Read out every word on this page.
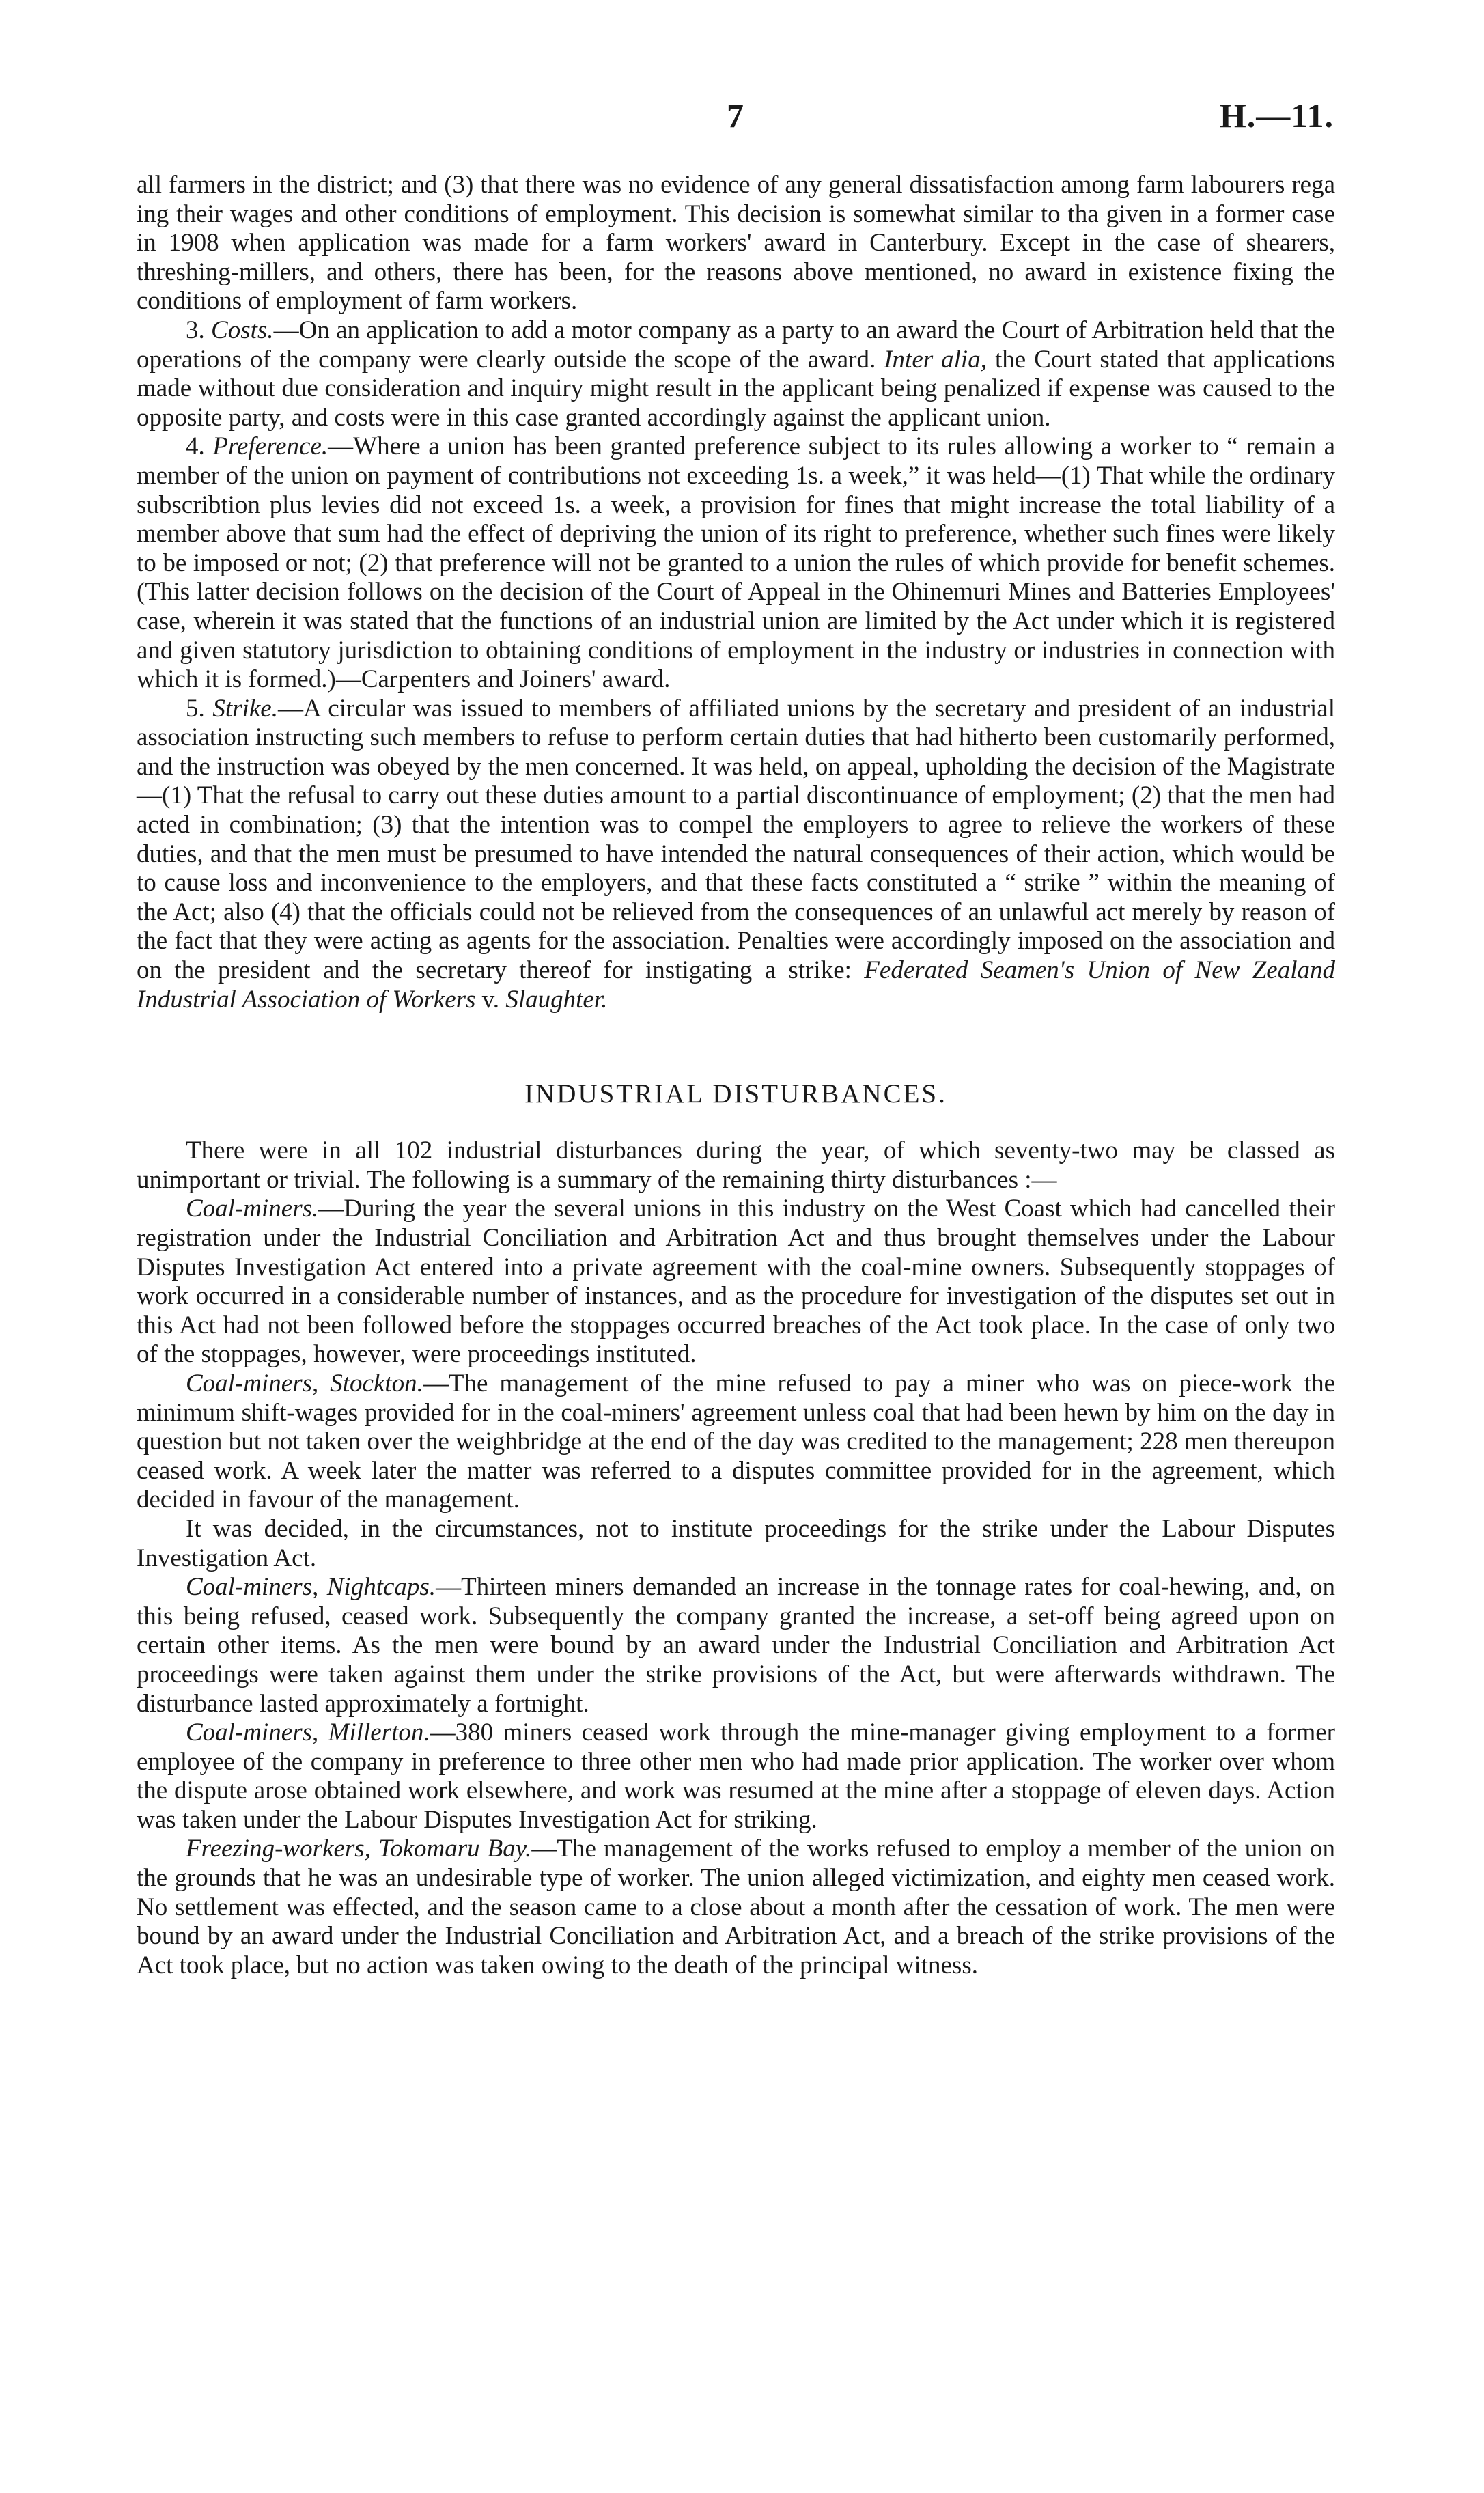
7	H.—11.

all farmers in the district; and (3) that there was no evidence of any general dissatisfaction among farm labourers rega ing their wages and other conditions of employment. This decision is somewhat similar to tha given in a former case in 1908 when application was made for a farm workers' award in Canterbury. Except in the case of shearers, threshing-millers, and others, there has been, for the reasons above mentioned, no award in existence fixing the conditions of employment of farm workers.

3. Costs.—On an application to add a motor company as a party to an award the Court of Arbitration held that the operations of the company were clearly outside the scope of the award. Inter alia, the Court stated that applications made without due consideration and inquiry might result in the applicant being penalized if expense was caused to the opposite party, and costs were in this case granted accordingly against the applicant union.

4. Preference.—Where a union has been granted preference subject to its rules allowing a worker to “ remain a member of the union on payment of contributions not exceeding 1s. a week,” it was held—(1) That while the ordinary subscribtion plus levies did not exceed 1s. a week, a provision for fines that might increase the total liability of a member above that sum had the effect of depriving the union of its right to preference, whether such fines were likely to be imposed or not; (2) that preference will not be granted to a union the rules of which provide for benefit schemes. (This latter decision follows on the decision of the Court of Appeal in the Ohinemuri Mines and Batteries Employees' case, wherein it was stated that the functions of an industrial union are limited by the Act under which it is registered and given statutory jurisdiction to obtaining conditions of employment in the industry or industries in connection with which it is formed.)—Carpenters and Joiners' award.

5. Strike.—A circular was issued to members of affiliated unions by the secretary and president of an industrial association instructing such members to refuse to perform certain duties that had hitherto been customarily performed, and the instruction was obeyed by the men concerned. It was held, on appeal, upholding the decision of the Magistrate—(1) That the refusal to carry out these duties amount to a partial discontinuance of employment; (2) that the men had acted in combination; (3) that the intention was to compel the employers to agree to relieve the workers of these duties, and that the men must be presumed to have intended the natural consequences of their action, which would be to cause loss and inconvenience to the employers, and that these facts constituted a “ strike ” within the meaning of the Act; also (4) that the officials could not be relieved from the consequences of an unlawful act merely by reason of the fact that they were acting as agents for the association. Penalties were accordingly imposed on the association and on the president and the secretary thereof for instigating a strike: Federated Seamen's Union of New Zealand Industrial Association of Workers v. Slaughter.

INDUSTRIAL DISTURBANCES.

There were in all 102 industrial disturbances during the year, of which seventy-two may be classed as unimportant or trivial. The following is a summary of the remaining thirty disturbances :—

Coal-miners.—During the year the several unions in this industry on the West Coast which had cancelled their registration under the Industrial Conciliation and Arbitration Act and thus brought themselves under the Labour Disputes Investigation Act entered into a private agreement with the coal-mine owners. Subsequently stoppages of work occurred in a considerable number of instances, and as the procedure for investigation of the disputes set out in this Act had not been followed before the stoppages occurred breaches of the Act took place. In the case of only two of the stoppages, however, were proceedings instituted.

Coal-miners, Stockton.—The management of the mine refused to pay a miner who was on piece-work the minimum shift-wages provided for in the coal-miners' agreement unless coal that had been hewn by him on the day in question but not taken over the weighbridge at the end of the day was credited to the management; 228 men thereupon ceased work. A week later the matter was referred to a disputes committee provided for in the agreement, which decided in favour of the management.

It was decided, in the circumstances, not to institute proceedings for the strike under the Labour Disputes Investigation Act.

Coal-miners, Nightcaps.—Thirteen miners demanded an increase in the tonnage rates for coal-hewing, and, on this being refused, ceased work. Subsequently the company granted the increase, a set-off being agreed upon on certain other items. As the men were bound by an award under the Industrial Conciliation and Arbitration Act proceedings were taken against them under the strike provisions of the Act, but were afterwards withdrawn. The disturbance lasted approximately a fortnight.

Coal-miners, Millerton.—380 miners ceased work through the mine-manager giving employment to a former employee of the company in preference to three other men who had made prior application. The worker over whom the dispute arose obtained work elsewhere, and work was resumed at the mine after a stoppage of eleven days. Action was taken under the Labour Disputes Investigation Act for striking.

Freezing-workers, Tokomaru Bay.—The management of the works refused to employ a member of the union on the grounds that he was an undesirable type of worker. The union alleged victimization, and eighty men ceased work. No settlement was effected, and the season came to a close about a month after the cessation of work. The men were bound by an award under the Industrial Conciliation and Arbitration Act, and a breach of the strike provisions of the Act took place, but no action was taken owing to the death of the principal witness.
